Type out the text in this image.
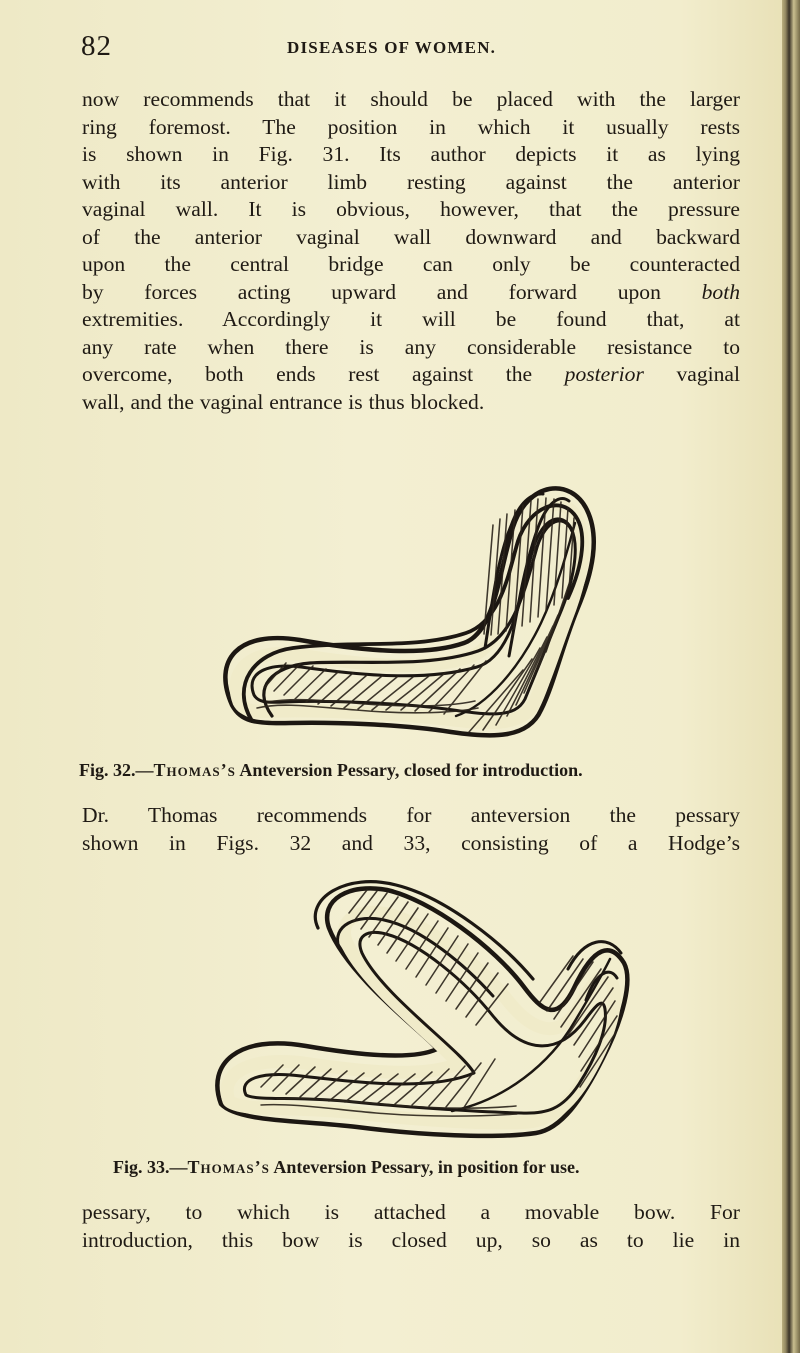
82	DISEASES OF WOMEN.
now recommends that it should be placed with the larger
ring foremost. The position in which it usually rests
is shown in Fig. 31. Its author depicts it as lying
with its anterior limb resting against the anterior
vaginal wall. It is obvious, however, that the pressure
of the anterior vaginal wall downward and backward
upon the central bridge can only be counteracted
by forces acting upward and forward upon both
extremities. Accordingly it will be found that, at
any rate when there is any considerable resistance to
overcome, both ends rest against the posterior vaginal
wall, and the vaginal entrance is thus blocked.
Fig. 32.—Thomas’s Anteversion Pessary, closed for introduction.
Dr. Thomas recommends for anteversion the pessary
shown in Figs. 32 and 33, consisting of a Hodge’s
Fig. 33.—Thomas’s Anteversion Pessary, in position for use.
pessary, to which is attached a movable bow. For
introduction, this bow is closed up, so as to lie in
